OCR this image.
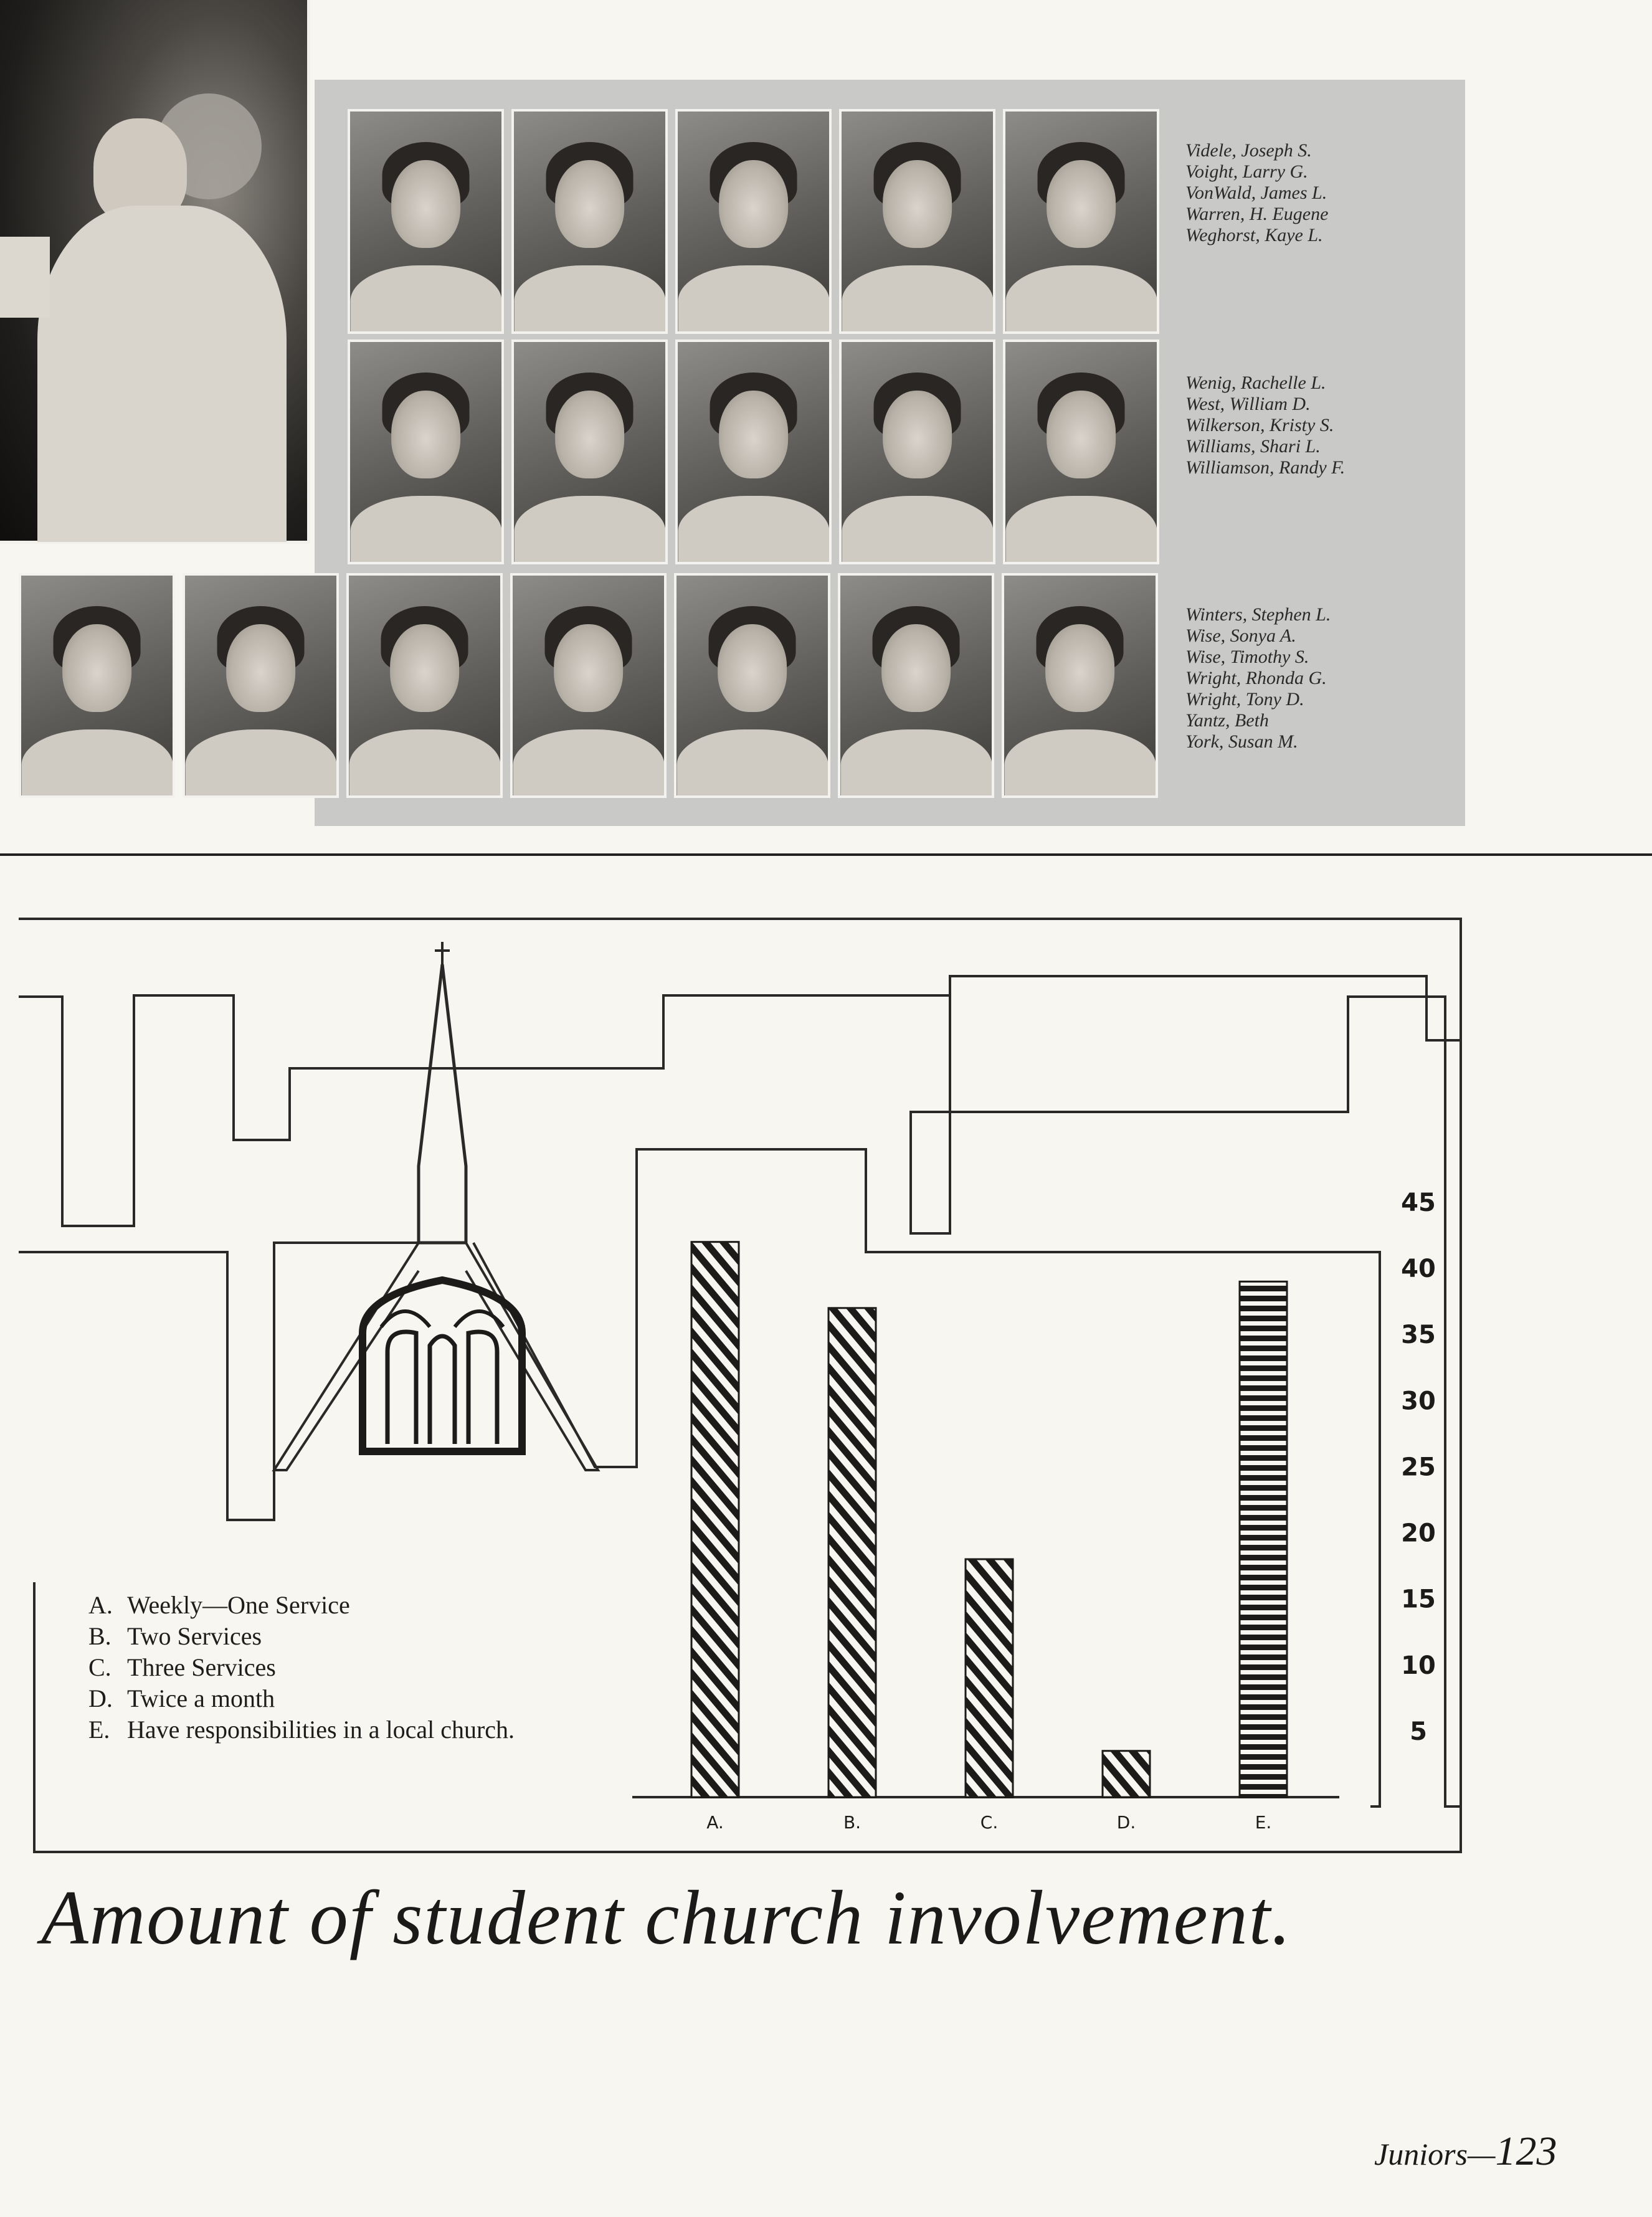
Videle, Joseph S.
Voight, Larry G.
VonWald, James L.
Warren, H. Eugene
Weghorst, Kaye L.
Wenig, Rachelle L.
West, William D.
Wilkerson, Kristy S.
Williams, Shari L.
Williamson, Randy F.
Winters, Stephen L.
Wise, Sonya A.
Wise, Timothy S.
Wright, Rhonda G.
Wright, Tony D.
Yantz, Beth
York, Susan M.
5
10
15
20
25
30
35
40
45
A.	B.	C.	D.	E.
A. Weekly—One Service
B. Two Services
C. Three Services
D. Twice a month
E. Have responsibilities in a local church.
Amount of student church involvement.
Juniors—123
